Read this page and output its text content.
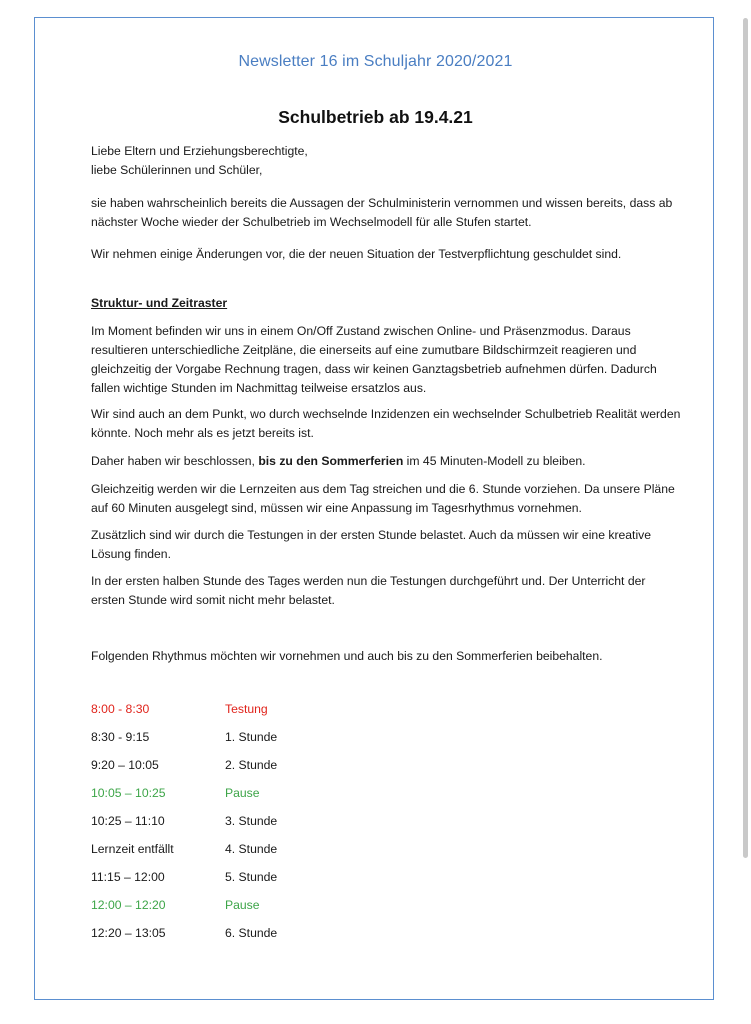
Newsletter 16 im Schuljahr 2020/2021
Schulbetrieb ab 19.4.21

Liebe Eltern und Erziehungsberechtigte,

liebe Schülerinnen und Schüler,

sie haben wahrscheinlich bereits die Aussagen der Schulministerin vernommen und wissen bereits, dass ab nächster Woche wieder der Schulbetrieb im Wechselmodell für alle Stufen startet.
Wir nehmen einige Änderungen vor, die der neuen Situation der Testverpflichtung geschuldet sind.
Struktur- und Zeitraster
Im Moment befinden wir uns in einem On/Off Zustand zwischen Online- und Präsenzmodus. Daraus resultieren unterschiedliche Zeitpläne, die einerseits auf eine zumutbare Bildschirmzeit reagieren und gleichzeitig der Vorgabe Rechnung tragen, dass wir keinen Ganztagsbetrieb aufnehmen dürfen. Dadurch fallen wichtige Stunden im Nachmittag teilweise ersatzlos aus.
Wir sind auch an dem Punkt, wo durch wechselnde Inzidenzen ein wechselnder Schulbetrieb Realität werden könnte. Noch mehr als es jetzt bereits ist.
Daher haben wir beschlossen, bis zu den Sommerferien im 45 Minuten-Modell zu bleiben.
Gleichzeitig werden wir die Lernzeiten aus dem Tag streichen und die 6. Stunde vorziehen. Da unsere Pläne auf 60 Minuten ausgelegt sind, müssen wir eine Anpassung im Tagesrhythmus vornehmen.
Zusätzlich sind wir durch die Testungen in der ersten Stunde belastet. Auch da müssen wir eine kreative Lösung finden.
In der ersten halben Stunde des Tages werden nun die Testungen durchgeführt und. Der Unterricht der ersten Stunde wird somit nicht mehr belastet.
Folgenden Rhythmus möchten wir vornehmen und auch bis zu den Sommerferien beibehalten.
8:00 - 8:30	Testung
8:30 - 9:15	1. Stunde
9:20 – 10:05	2. Stunde
10:05 – 10:25	Pause
10:25 – 11:10	3. Stunde
Lernzeit entfällt	4. Stunde
11:15 – 12:00	5. Stunde
12:00 – 12:20	Pause
12:20 – 13:05	6. Stunde
